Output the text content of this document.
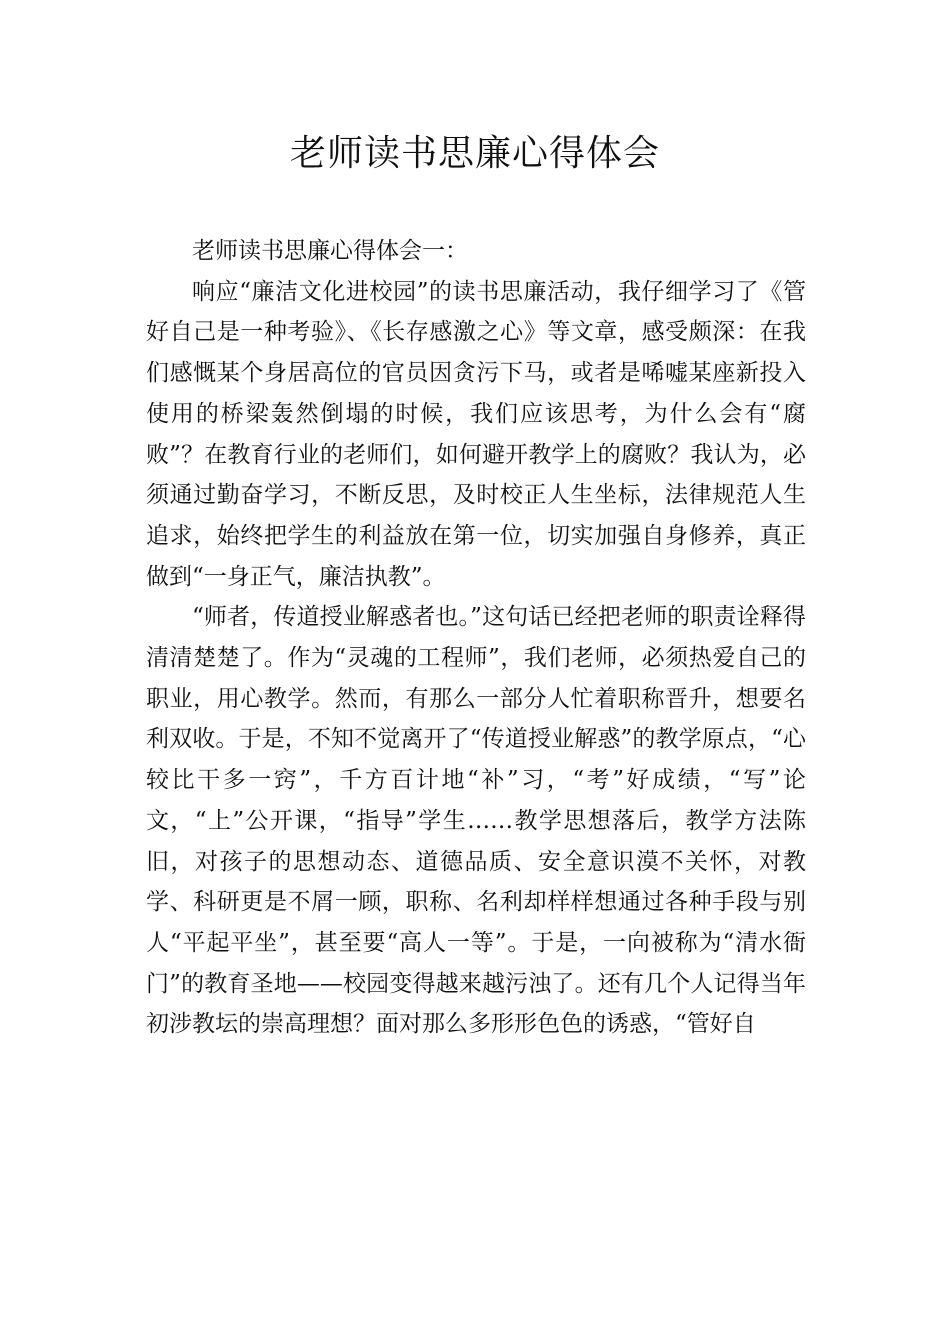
老师读书思廉心得体会

老师读书思廉心得体会一：

响应“廉洁文化进校园”的读书思廉活动，我仔细学习了《管好自己是一种考验》、《长存感激之心》等文章，感受颇深：在我们感慨某个身居高位的官员因贪污下马，或者是唏嘘某座新投入使用的桥梁轰然倒塌的时候，我们应该思考，为什么会有“腐败”？在教育行业的老师们，如何避开教学上的腐败？我认为，必须通过勤奋学习，不断反思，及时校正人生坐标，法律规范人生追求，始终把学生的利益放在第一位，切实加强自身修养，真正做到“一身正气，廉洁执教”。

“师者，传道授业解惑者也。”这句话已经把老师的职责诠释得清清楚楚了。作为“灵魂的工程师”，我们老师，必须热爱自己的职业，用心教学。然而，有那么一部分人忙着职称晋升，想要名利双收。于是，不知不觉离开了“传道授业解惑”的教学原点，“心较比干多一窍”，千方百计地“补”习，“考”好成绩，“写”论文，“上”公开课，“指导”学生……教学思想落后，教学方法陈旧，对孩子的思想动态、道德品质、安全意识漠不关怀，对教学、科研更是不屑一顾，职称、名利却样样想通过各种手段与别人“平起平坐”，甚至要“高人一等”。于是，一向被称为“清水衙门”的教育圣地——校园变得越来越污浊了。还有几个人记得当年初涉教坛的崇高理想？面对那么多形形色色的诱惑，“管好自
